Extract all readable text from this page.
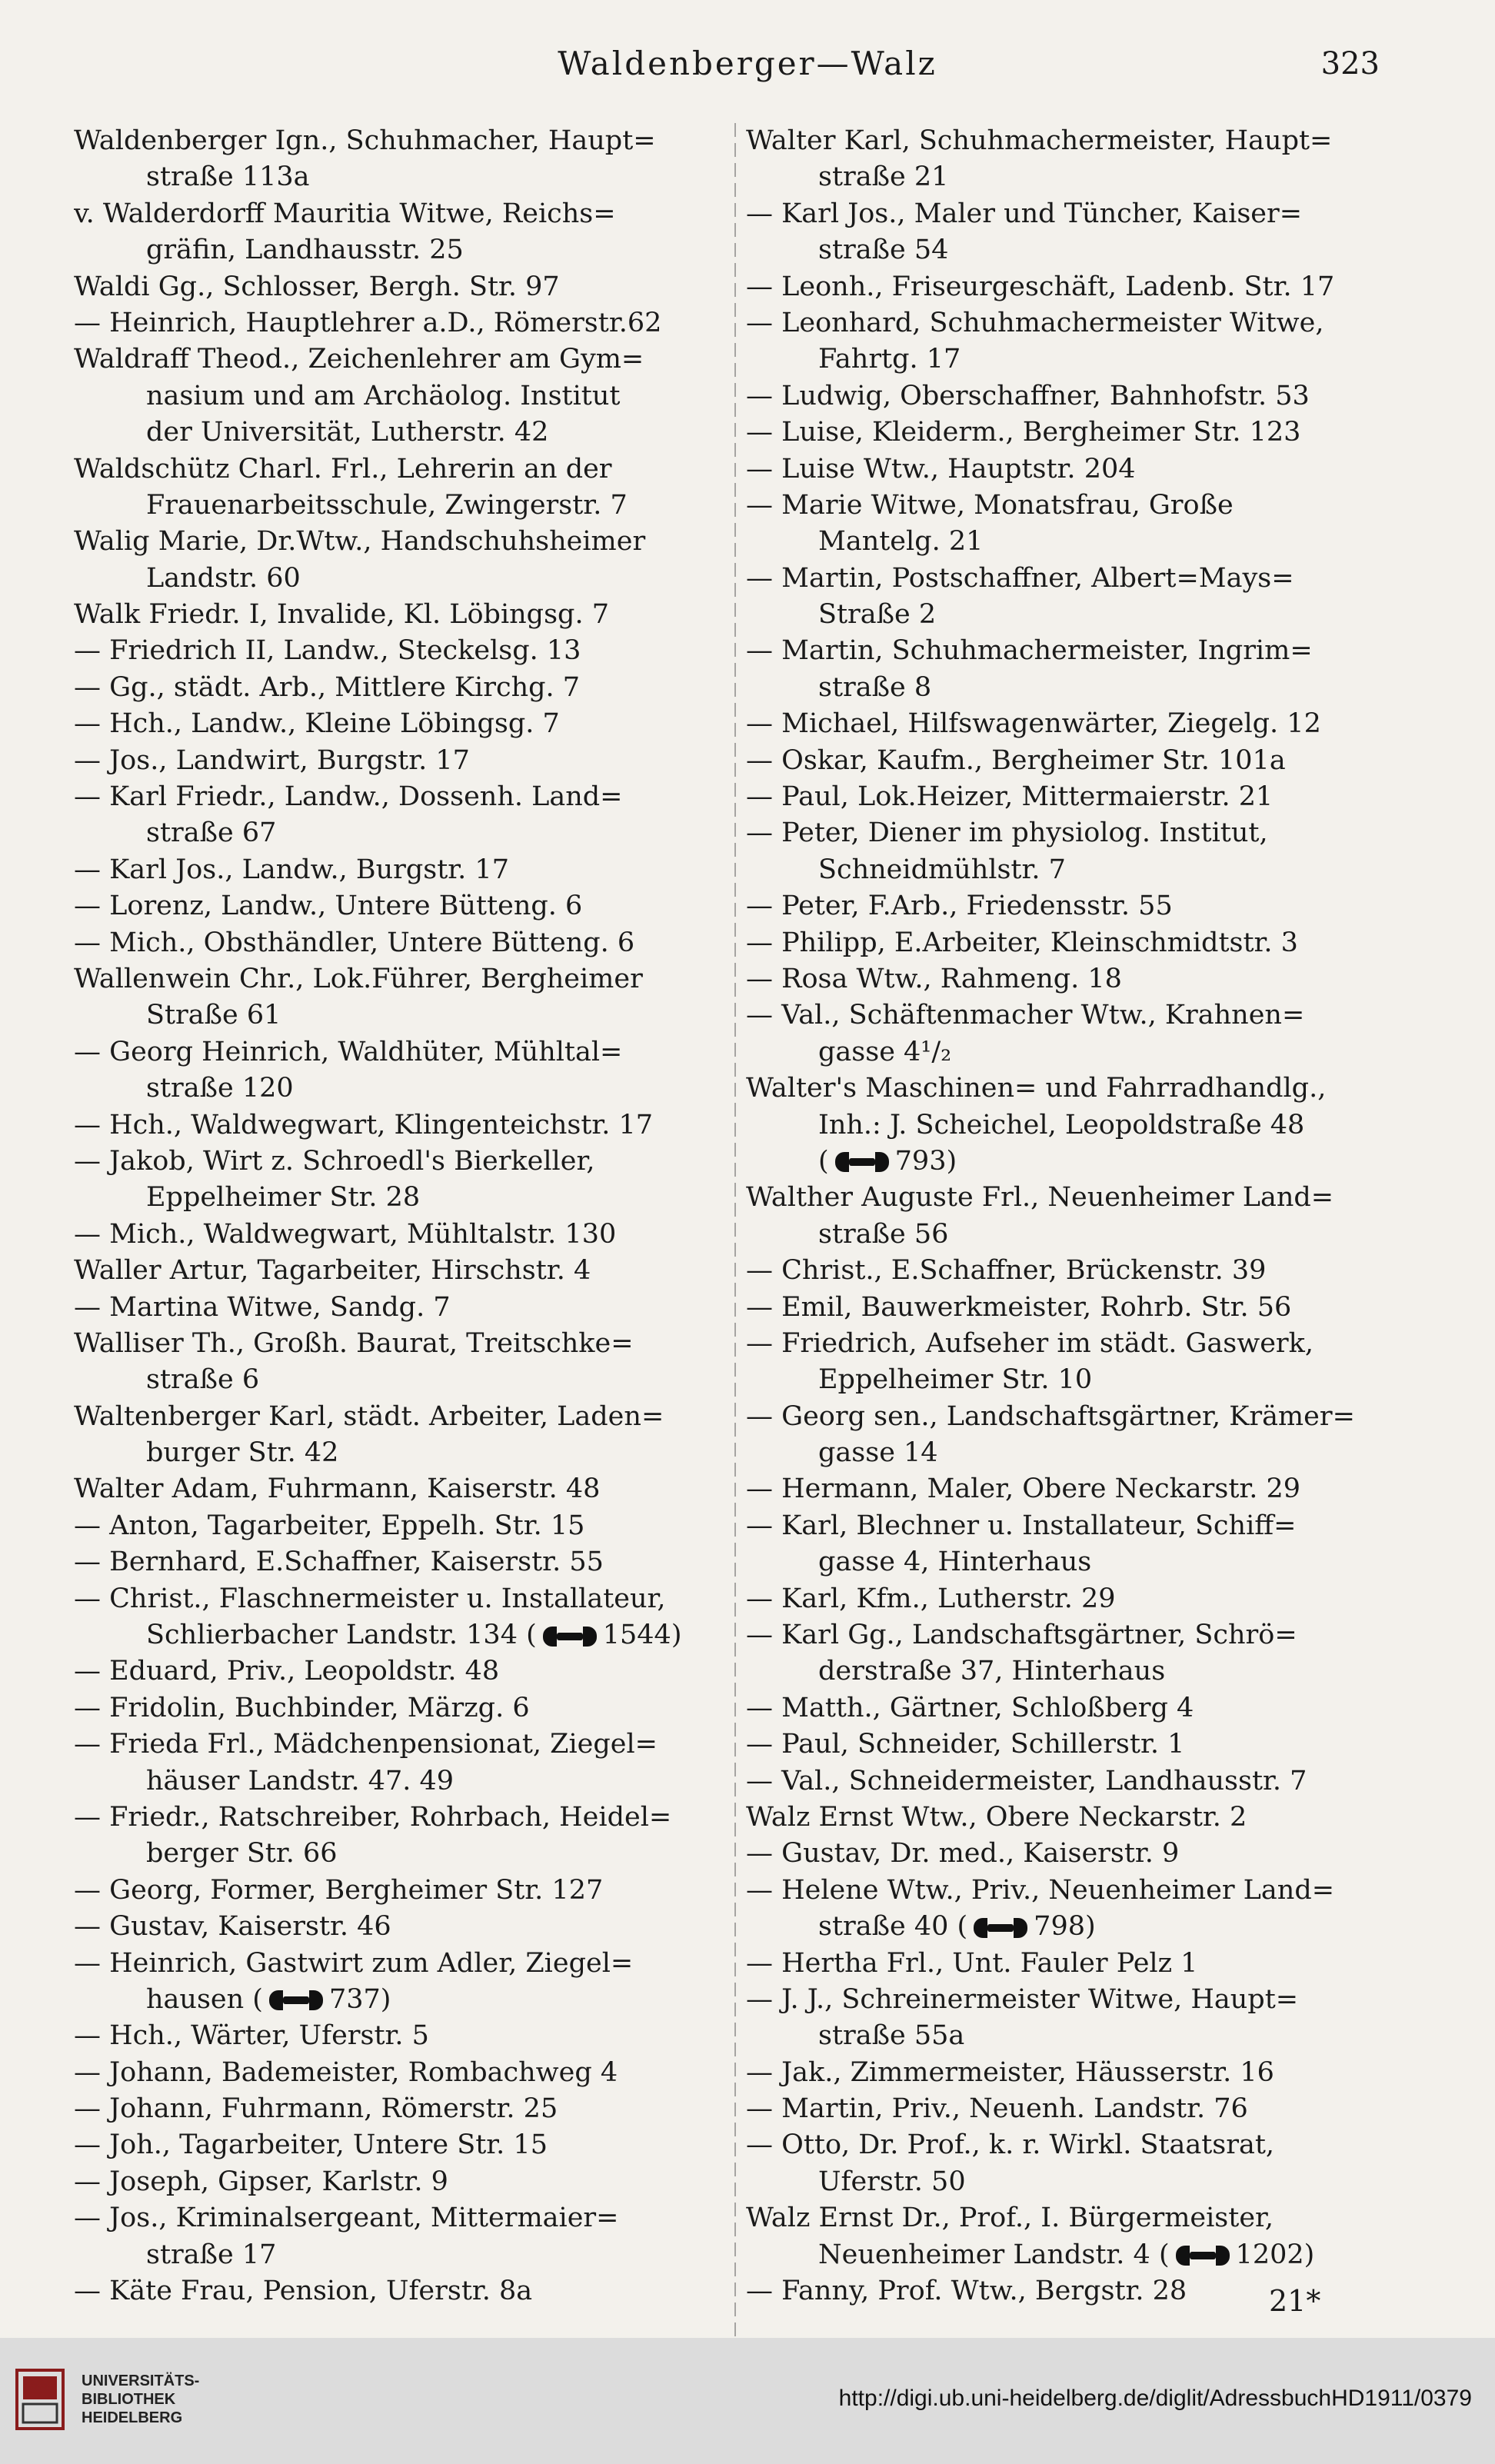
Waldenberger—Walz	323
Waldenberger Ign., Schuhmacher, Haupt=
straße 113a
v. Walderdorff Mauritia Witwe, Reichs=
gräfin, Landhausstr. 25
Waldi Gg., Schlosser, Bergh. Str. 97
— Heinrich, Hauptlehrer a.D., Römerstr.62
Waldraff Theod., Zeichenlehrer am Gym=
nasium und am Archäolog. Institut
der Universität, Lutherstr. 42
Waldschütz Charl. Frl., Lehrerin an der
Frauenarbeitsschule, Zwingerstr. 7
Walig Marie, Dr.Wtw., Handschuhsheimer
Landstr. 60
Walk Friedr. I, Invalide, Kl. Löbingsg. 7
— Friedrich II, Landw., Steckelsg. 13
— Gg., städt. Arb., Mittlere Kirchg. 7
— Hch., Landw., Kleine Löbingsg. 7
— Jos., Landwirt, Burgstr. 17
— Karl Friedr., Landw., Dossenh. Land=
straße 67
— Karl Jos., Landw., Burgstr. 17
— Lorenz, Landw., Untere Bütteng. 6
— Mich., Obsthändler, Untere Bütteng. 6
Wallenwein Chr., Lok.Führer, Bergheimer
Straße 61
— Georg Heinrich, Waldhüter, Mühltal=
straße 120
— Hch., Waldwegwart, Klingenteichstr. 17
— Jakob, Wirt z. Schroedl's Bierkeller,
Eppelheimer Str. 28
— Mich., Waldwegwart, Mühltalstr. 130
Waller Artur, Tagarbeiter, Hirschstr. 4
— Martina Witwe, Sandg. 7
Walliser Th., Großh. Baurat, Treitschke=
straße 6
Waltenberger Karl, städt. Arbeiter, Laden=
burger Str. 42
Walter Adam, Fuhrmann, Kaiserstr. 48
— Anton, Tagarbeiter, Eppelh. Str. 15
— Bernhard, E.Schaffner, Kaiserstr. 55
— Christ., Flaschnermeister u. Installateur,
Schlierbacher Landstr. 134 ( 1544)
— Eduard, Priv., Leopoldstr. 48
— Fridolin, Buchbinder, Märzg. 6
— Frieda Frl., Mädchenpensionat, Ziegel=
häuser Landstr. 47. 49
— Friedr., Ratschreiber, Rohrbach, Heidel=
berger Str. 66
— Georg, Former, Bergheimer Str. 127
— Gustav, Kaiserstr. 46
— Heinrich, Gastwirt zum Adler, Ziegel=
hausen ( 737)
— Hch., Wärter, Uferstr. 5
— Johann, Bademeister, Rombachweg 4
— Johann, Fuhrmann, Römerstr. 25
— Joh., Tagarbeiter, Untere Str. 15
— Joseph, Gipser, Karlstr. 9
— Jos., Kriminalsergeant, Mittermaier=
straße 17
— Käte Frau, Pension, Uferstr. 8a
Walter Karl, Schuhmachermeister, Haupt=
straße 21
— Karl Jos., Maler und Tüncher, Kaiser=
straße 54
— Leonh., Friseurgeschäft, Ladenb. Str. 17
— Leonhard, Schuhmachermeister Witwe,
Fahrtg. 17
— Ludwig, Oberschaffner, Bahnhofstr. 53
— Luise, Kleiderm., Bergheimer Str. 123
— Luise Wtw., Hauptstr. 204
— Marie Witwe, Monatsfrau, Große
Mantelg. 21
— Martin, Postschaffner, Albert=Mays=
Straße 2
— Martin, Schuhmachermeister, Ingrim=
straße 8
— Michael, Hilfswagenwärter, Ziegelg. 12
— Oskar, Kaufm., Bergheimer Str. 101a
— Paul, Lok.Heizer, Mittermaierstr. 21
— Peter, Diener im physiolog. Institut,
Schneidmühlstr. 7
— Peter, F.Arb., Friedensstr. 55
— Philipp, E.Arbeiter, Kleinschmidtstr. 3
— Rosa Wtw., Rahmeng. 18
— Val., Schäftenmacher Wtw., Krahnen=
gasse 4¹/₂
Walter's Maschinen= und Fahrradhandlg.,
Inh.: J. Scheichel, Leopoldstraße 48
( 793)
Walther Auguste Frl., Neuenheimer Land=
straße 56
— Christ., E.Schaffner, Brückenstr. 39
— Emil, Bauwerkmeister, Rohrb. Str. 56
— Friedrich, Aufseher im städt. Gaswerk,
Eppelheimer Str. 10
— Georg sen., Landschaftsgärtner, Krämer=
gasse 14
— Hermann, Maler, Obere Neckarstr. 29
— Karl, Blechner u. Installateur, Schiff=
gasse 4, Hinterhaus
— Karl, Kfm., Lutherstr. 29
— Karl Gg., Landschaftsgärtner, Schrö=
derstraße 37, Hinterhaus
— Matth., Gärtner, Schloßberg 4
— Paul, Schneider, Schillerstr. 1
— Val., Schneidermeister, Landhausstr. 7
Walz Ernst Wtw., Obere Neckarstr. 2
— Gustav, Dr. med., Kaiserstr. 9
— Helene Wtw., Priv., Neuenheimer Land=
straße 40 ( 798)
— Hertha Frl., Unt. Fauler Pelz 1
— J. J., Schreinermeister Witwe, Haupt=
straße 55a
— Jak., Zimmermeister, Häusserstr. 16
— Martin, Priv., Neuenh. Landstr. 76
— Otto, Dr. Prof., k. r. Wirkl. Staatsrat,
Uferstr. 50
Walz Ernst Dr., Prof., I. Bürgermeister,
Neuenheimer Landstr. 4 ( 1202)
— Fanny, Prof. Wtw., Bergstr. 28	21*
UNIVERSITÄTS-
BIBLIOTHEK
HEIDELBERG
http://digi.ub.uni-heidelberg.de/diglit/AdressbuchHD1911/0379
